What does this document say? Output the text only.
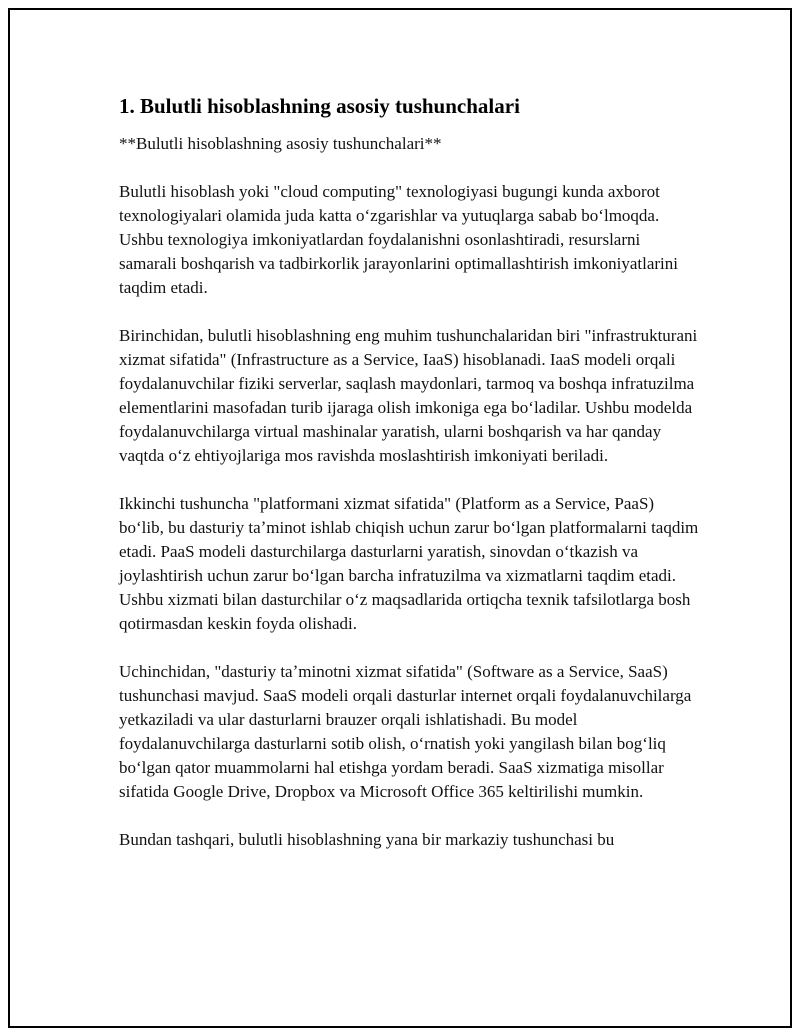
1. Bulutli hisoblashning asosiy tushunchalari

**Bulutli hisoblashning asosiy tushunchalari**

Bulutli hisoblash yoki "cloud computing" texnologiyasi bugungi kunda axborot texnologiyalari olamida juda katta oʻzgarishlar va yutuqlarga sabab boʻlmoqda. Ushbu texnologiya imkoniyatlardan foydalanishni osonlashtiradi, resurslarni samarali boshqarish va tadbirkorlik jarayonlarini optimallashtirish imkoniyatlarini taqdim etadi.

Birinchidan, bulutli hisoblashning eng muhim tushunchalaridan biri "infrastrukturani xizmat sifatida" (Infrastructure as a Service, IaaS) hisoblanadi. IaaS modeli orqali foydalanuvchilar fiziki serverlar, saqlash maydonlari, tarmoq va boshqa infratuzilma elementlarini masofadan turib ijaraga olish imkoniga ega boʻladilar. Ushbu modelda foydalanuvchilarga virtual mashinalar yaratish, ularni boshqarish va har qanday vaqtda oʻz ehtiyojlariga mos ravishda moslashtirish imkoniyati beriladi.

Ikkinchi tushuncha "platformani xizmat sifatida" (Platform as a Service, PaaS) boʻlib, bu dasturiy taʼminot ishlab chiqish uchun zarur boʻlgan platformalarni taqdim etadi. PaaS modeli dasturchilarga dasturlarni yaratish, sinovdan oʻtkazish va joylashtirish uchun zarur boʻlgan barcha infratuzilma va xizmatlarni taqdim etadi. Ushbu xizmati bilan dasturchilar oʻz maqsadlarida ortiqcha texnik tafsilotlarga bosh qotirmasdan keskin foyda olishadi.

Uchinchidan, "dasturiy taʼminotni xizmat sifatida" (Software as a Service, SaaS) tushunchasi mavjud. SaaS modeli orqali dasturlar internet orqali foydalanuvchilarga yetkaziladi va ular dasturlarni brauzer orqali ishlatishadi. Bu model foydalanuvchilarga dasturlarni sotib olish, oʻrnatish yoki yangilash bilan bogʻliq boʻlgan qator muammolarni hal etishga yordam beradi. SaaS xizmatiga misollar sifatida Google Drive, Dropbox va Microsoft Office 365 keltirilishi mumkin.

Bundan tashqari, bulutli hisoblashning yana bir markaziy tushunchasi bu
